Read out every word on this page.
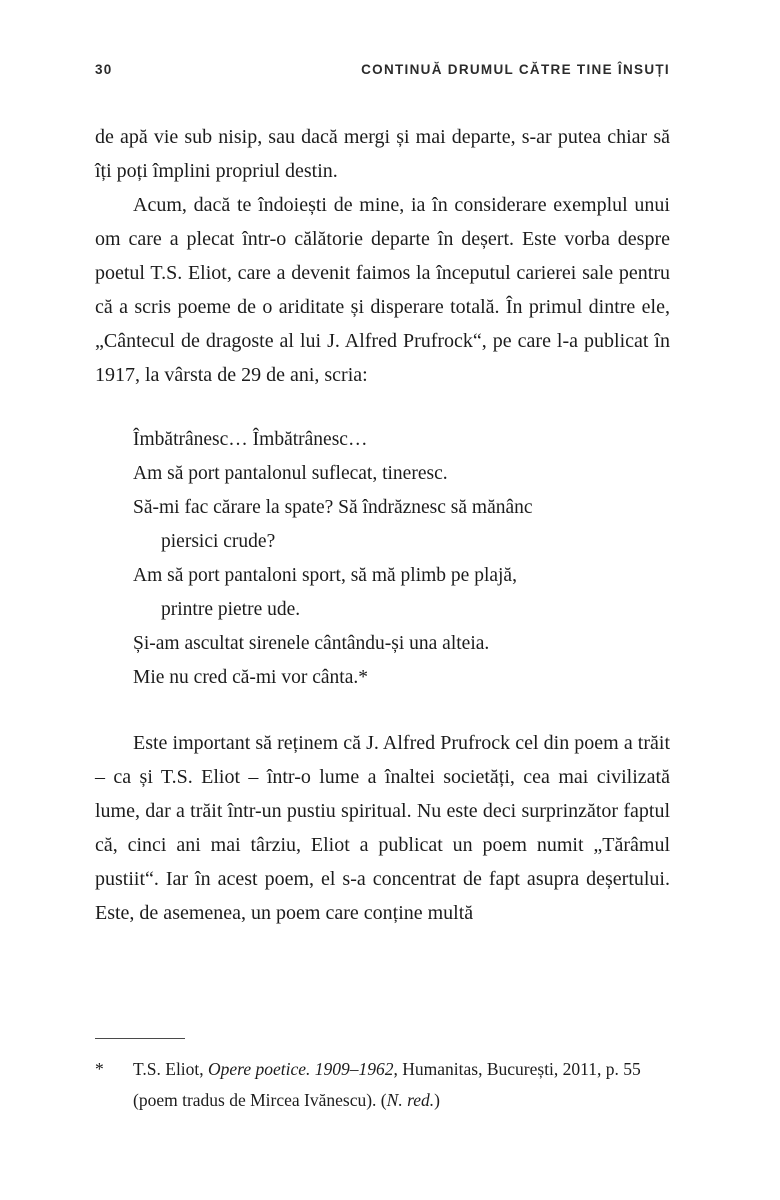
30	CONTINUĂ DRUMUL CĂTRE TINE ÎNSUȚI

de apă vie sub nisip, sau dacă mergi și mai departe, s-ar putea chiar să îți poți împlini propriul destin.

Acum, dacă te îndoiești de mine, ia în considerare exemplul unui om care a plecat într-o călătorie departe în deșert. Este vorba despre poetul T.S. Eliot, care a devenit faimos la începutul carierei sale pentru că a scris poeme de o ariditate și disperare totală. În primul dintre ele, „Cântecul de dragoste al lui J. Alfred Prufrock“, pe care l-a publicat în 1917, la vârsta de 29 de ani, scria:

Îmbătrânesc… Îmbătrânesc…
Am să port pantalonul suflecat, tineresc.
Să-mi fac cărare la spate? Să îndrăznesc să mănânc
piersici crude?
Am să port pantaloni sport, să mă plimb pe plajă,
printre pietre ude.
Și-am ascultat sirenele cântându-și una alteia.
Mie nu cred că-mi vor cânta.*

Este important să reținem că J. Alfred Prufrock cel din poem a trăit – ca și T.S. Eliot – într-o lume a înaltei societăți, cea mai civilizată lume, dar a trăit într-un pustiu spiritual. Nu este deci surprinzător faptul că, cinci ani mai târziu, Eliot a publicat un poem numit „Tărâmul pustiit“. Iar în acest poem, el s-a concentrat de fapt asupra deșertului. Este, de asemenea, un poem care conține multă

*	T.S. Eliot, Opere poetice. 1909–1962, Humanitas, București, 2011, p. 55 (poem tradus de Mircea Ivănescu). (N. red.)
